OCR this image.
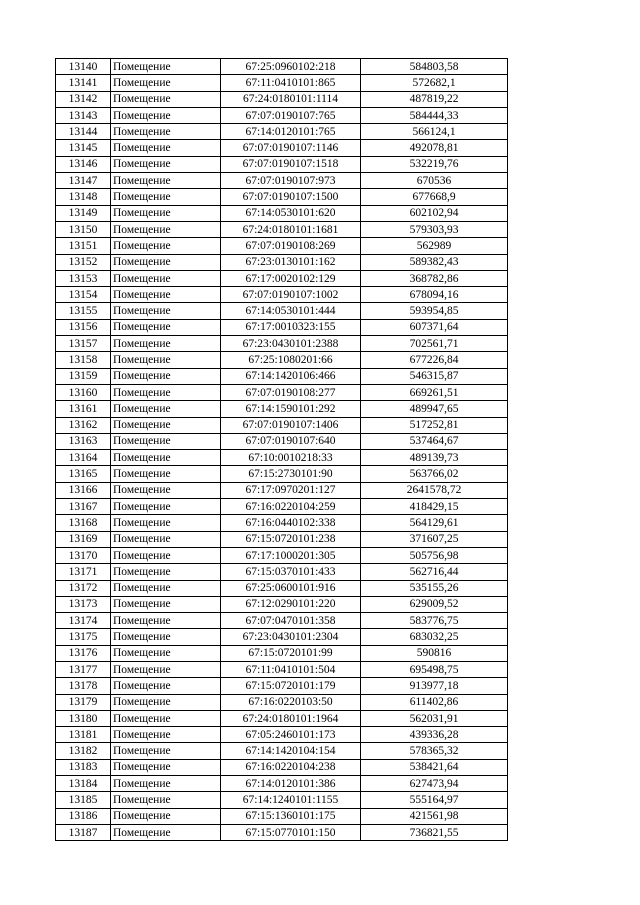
13140	Помещение	67:25:0960102:218	584803,58
13141	Помещение	67:11:0410101:865	572682,1
13142	Помещение	67:24:0180101:1114	487819,22
13143	Помещение	67:07:0190107:765	584444,33
13144	Помещение	67:14:0120101:765	566124,1
13145	Помещение	67:07:0190107:1146	492078,81
13146	Помещение	67:07:0190107:1518	532219,76
13147	Помещение	67:07:0190107:973	670536
13148	Помещение	67:07:0190107:1500	677668,9
13149	Помещение	67:14:0530101:620	602102,94
13150	Помещение	67:24:0180101:1681	579303,93
13151	Помещение	67:07:0190108:269	562989
13152	Помещение	67:23:0130101:162	589382,43
13153	Помещение	67:17:0020102:129	368782,86
13154	Помещение	67:07:0190107:1002	678094,16
13155	Помещение	67:14:0530101:444	593954,85
13156	Помещение	67:17:0010323:155	607371,64
13157	Помещение	67:23:0430101:2388	702561,71
13158	Помещение	67:25:1080201:66	677226,84
13159	Помещение	67:14:1420106:466	546315,87
13160	Помещение	67:07:0190108:277	669261,51
13161	Помещение	67:14:1590101:292	489947,65
13162	Помещение	67:07:0190107:1406	517252,81
13163	Помещение	67:07:0190107:640	537464,67
13164	Помещение	67:10:0010218:33	489139,73
13165	Помещение	67:15:2730101:90	563766,02
13166	Помещение	67:17:0970201:127	2641578,72
13167	Помещение	67:16:0220104:259	418429,15
13168	Помещение	67:16:0440102:338	564129,61
13169	Помещение	67:15:0720101:238	371607,25
13170	Помещение	67:17:1000201:305	505756,98
13171	Помещение	67:15:0370101:433	562716,44
13172	Помещение	67:25:0600101:916	535155,26
13173	Помещение	67:12:0290101:220	629009,52
13174	Помещение	67:07:0470101:358	583776,75
13175	Помещение	67:23:0430101:2304	683032,25
13176	Помещение	67:15:0720101:99	590816
13177	Помещение	67:11:0410101:504	695498,75
13178	Помещение	67:15:0720101:179	913977,18
13179	Помещение	67:16:0220103:50	611402,86
13180	Помещение	67:24:0180101:1964	562031,91
13181	Помещение	67:05:2460101:173	439336,28
13182	Помещение	67:14:1420104:154	578365,32
13183	Помещение	67:16:0220104:238	538421,64
13184	Помещение	67:14:0120101:386	627473,94
13185	Помещение	67:14:1240101:1155	555164,97
13186	Помещение	67:15:1360101:175	421561,98
13187	Помещение	67:15:0770101:150	736821,55
